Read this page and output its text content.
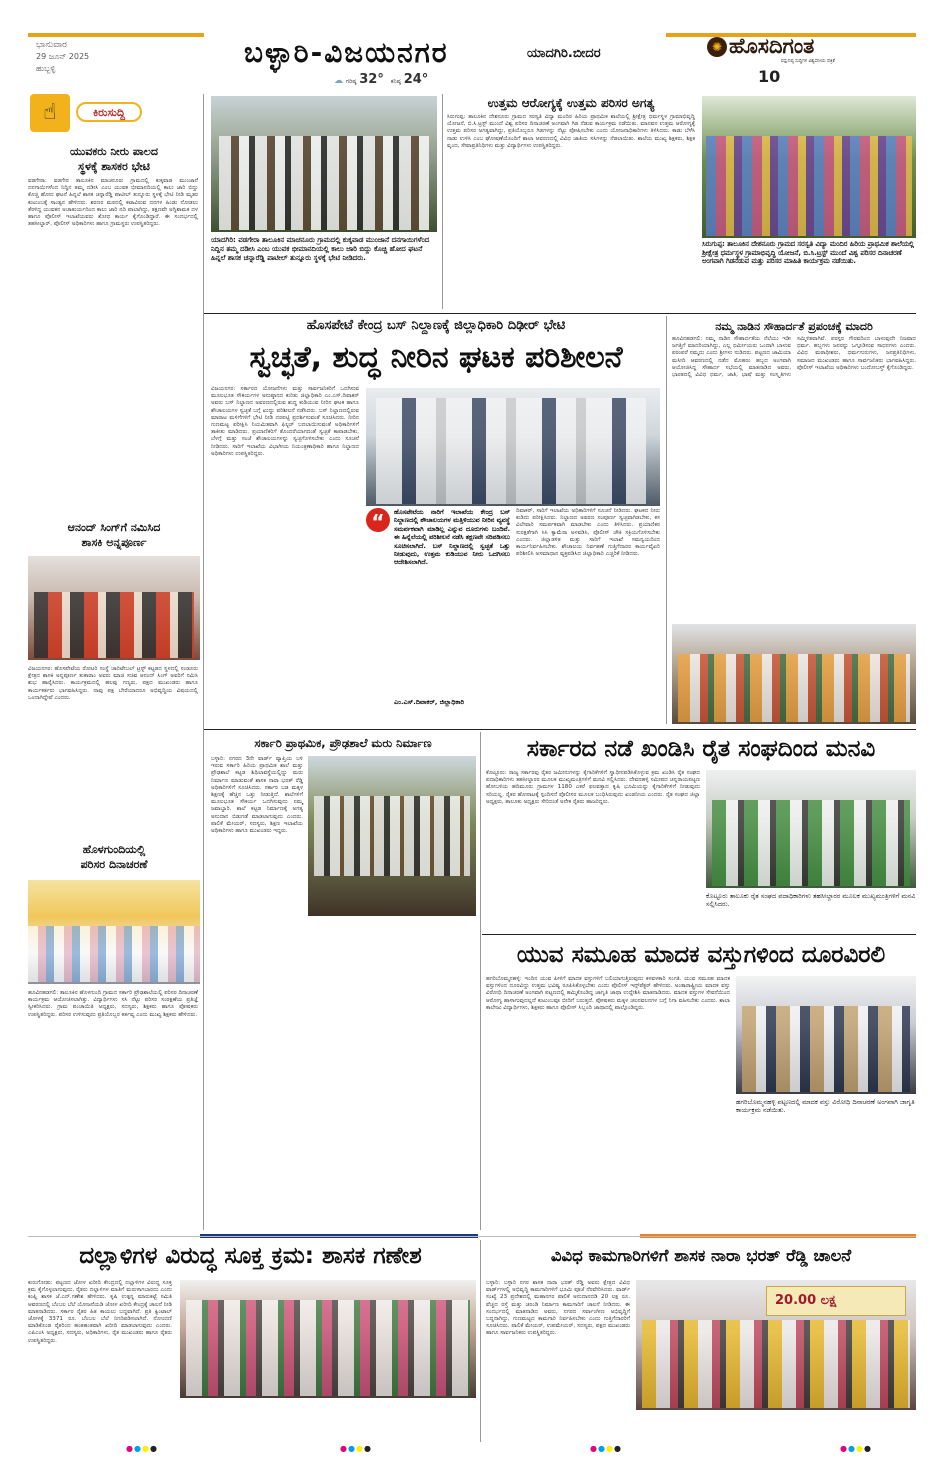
ಭಾನುವಾರ
29 ಜೂನ್ 2025
ಹುಬ್ಬಳ್ಳಿ	ಬಳ್ಳಾರಿ-ವಿಜಯನಗರ	ಯಾದಗಿರಿ.ಬೀದರ
☁ ಗರಿಷ್ಠ 32° ಕನಿಷ್ಠ 24°
✺ ಹೊಸದಿಗಂತ
ವಸ್ತುನಿಷ್ಠ ಸುದ್ದಿಗಳ ವಿಶ್ವಸನೀಯ ಪತ್ರಿಕೆ
10
☝	ಕಿರುಸುದ್ದಿ
ಯುವಕರು ನೀರು ಪಾಲದ
ಸ್ಥಳಕ್ಕೆ ಶಾಸಕರ ಭೇಟಿ
ವಡಗೇರಾ: ವಡಗೇರ ತಾಲೂಕಿನ ಮಾಚನೂರು ಗ್ರಾಮದಲ್ಲಿ ಕುಕ್ಕವಾಡ ಮುಂಜಾನೆ ದನಗಾಯಿಗಳೆಂದ ನಿದ್ದಿನ ತಮ್ಮ ದಡೀಸಿ ಎಂಬ ಯುವಕ ಭೀಮಾನದಿಯಲ್ಲಿ ಕಾಲು ಜಾರಿ ಬಿದ್ದು ಕೊಚ್ಚಿ ಹೋದ ಘಟನೆ ಹಿನ್ನಲೆ ಶಾಸಕ ಚನ್ನಾರೆಡ್ಡಿ ಪಾಟೀಲ್ ತುನ್ನೂರು ಸ್ಥಳಕ್ಕೆ ಭೇಟಿ ನೀಡಿ ಮೃತರ ಕುಟುಂಬಕ್ಕೆ ಸಾಂತ್ವನ ಹೇಳಿದರು. ಶರಣರ ಮಠದಲ್ಲಿ ಕಟಾವಿರುವ ದನಗಳ ಹಿಂಡು ನೋಡಲು ತೆರಳಿದ್ದ ಯುವಕನ ಅಚಾತುರ್ಯದಿಂದ ಕಾಲು ಜಾರಿ ನದಿ ಪಾಲಾಗಿದ್ದು, ತಕ್ಷಣವೇ ಅಗ್ನಿಶಾಮಕ ದಳ ಹಾಗೂ ಪೊಲೀಸ್ ಇಲಾಖೆಯವರು ಶೋಧ ಕಾರ್ಯ ಕೈಗೊಂಡಿದ್ದಾರೆ. ಈ ಸಂದರ್ಭದಲ್ಲಿ ತಹಸೀಲ್ದಾರ್, ಪೊಲೀಸ್ ಅಧಿಕಾರಿಗಳು ಹಾಗೂ ಗ್ರಾಮಸ್ಥರು ಉಪಸ್ಥಿತರಿದ್ದರು.
ಆನಂದ್ ಸಿಂಗ್‌ಗೆ ನಮಿಸಿದ
ಶಾಸಕಿ ಅನ್ನಪೂರ್ಣ
ವಿಜಯನಗರ: ಹೊಸಪೇಟೆಯ ರೋಟರಿ ಸಂಸ್ಥೆ ಚಾರಿಟೇಬಲ್ ಟ್ರಸ್ಟ್ ಕಟ್ಟಡದ ಸ್ಥಳದಲ್ಲಿ ಸಂಡೂರು ಕ್ಷೇತ್ರದ ಶಾಸಕಿ ಅನ್ನಪೂರ್ಣ ತುಕಾರಾಂ ಅವರು ಮಾಜಿ ಸಚಿವ ಆನಂದ್ ಸಿಂಗ್ ಅವರಿಗೆ ನಮಿಸಿ ಶುಭ ಹಾರೈಸಿದರು. ಕಾರ್ಯಕ್ರಮದಲ್ಲಿ ಹಲವು ಗಣ್ಯರು, ಪಕ್ಷದ ಮುಖಂಡರು ಹಾಗೂ ಕಾರ್ಯಕರ್ತರು ಭಾಗವಹಿಸಿದ್ದರು. ನಾವು ಪಕ್ಷ ಬೇರೆಯಾದರೂ ಅಭಿವೃದ್ಧಿಯ ವಿಷಯದಲ್ಲಿ ಒಂದಾಗಿದ್ದೇವೆ ಎಂದರು.
ಹೊಳಗುಂದಿಯಲ್ಲಿ
ಪರಿಸರ ದಿನಾಚರಣೆ
ಹೂವಿನಹಡಗಲಿ: ತಾಲೂಕಿನ ಹೊಳಗುಂದಿ ಗ್ರಾಮದ ಸರ್ಕಾರಿ ಪ್ರೌಢಶಾಲೆಯಲ್ಲಿ ಪರಿಸರ ದಿನಾಚರಣೆ ಕಾರ್ಯಕ್ರಮ ಆಯೋಜಿಸಲಾಗಿತ್ತು. ವಿದ್ಯಾರ್ಥಿಗಳು ಸಸಿ ನೆಟ್ಟು ಪರಿಸರ ಸಂರಕ್ಷಣೆಯ ಪ್ರತಿಜ್ಞೆ ಸ್ವೀಕರಿಸಿದರು. ಗ್ರಾಮ ಪಂಚಾಯಿತಿ ಅಧ್ಯಕ್ಷರು, ಸದಸ್ಯರು, ಶಿಕ್ಷಕರು ಹಾಗೂ ಪೋಷಕರು ಉಪಸ್ಥಿತರಿದ್ದರು. ಪರಿಸರ ಉಳಿಸುವುದು ಪ್ರತಿಯೊಬ್ಬರ ಕರ್ತವ್ಯ ಎಂದು ಮುಖ್ಯ ಶಿಕ್ಷಕರು ಹೇಳಿದರು.
ಯಾದಗಿರಿ: ವಡಗೇರಾ ತಾಲೂಕಿನ ಮಾಚನೂರು ಗ್ರಾಮದಲ್ಲಿ ಕುಕ್ಕವಾಡ ಮುಂಜಾನೆ ದನಗಾಯಿಗಳೆಂದ ನಿದ್ದಿನ ತಮ್ಮ ದಡೀಸಿ ಎಂಬ ಯುವಕ ಭೀಮಾನದಿಯಲ್ಲಿ ಕಾಲು ಜಾರಿ ಬಿದ್ದು ಕೊಚ್ಚಿ ಹೋದ ಘಟನೆ ಹಿನ್ನಲೆ ಶಾಸಕ ಚನ್ನಾರೆಡ್ಡಿ ಪಾಟೀಲ್ ತುನ್ನೂರು ಸ್ಥಳಕ್ಕೆ ಭೇಟಿ ನೀಡಿದರು.
ಉತ್ತಮ ಆರೋಗ್ಯಕ್ಕೆ ಉತ್ತಮ ಪರಿಸರ ಅಗತ್ಯ
ಸಿರುಗುಪ್ಪ: ತಾಲೂಕಿನ ದೇಶನೂರು ಗ್ರಾಮದ ಸರಸ್ವತಿ ವಿದ್ಯಾ ಮಂದಿರ ಹಿರಿಯ ಪ್ರಾಥಮಿಕ ಶಾಲೆಯಲ್ಲಿ ಶ್ರೀಕ್ಷೇತ್ರ ಧರ್ಮಸ್ಥಳ ಗ್ರಾಮಾಭಿವೃದ್ಧಿ ಯೋಜನೆ, ಬಿ.ಸಿ.ಟ್ರಸ್ಟ್ ಮುಂದೆ ವಿಶ್ವ ಪರಿಸರ ದಿನಾಚರಣೆ ಅಂಗವಾಗಿ ಗಿಡ ನೆಡುವ ಕಾರ್ಯಕ್ರಮ ನಡೆಯಿತು. ಮಾನವನ ಉತ್ತಮ ಆರೋಗ್ಯಕ್ಕೆ ಉತ್ತಮ ಪರಿಸರ ಅಗತ್ಯವಾಗಿದ್ದು, ಪ್ರತಿಯೊಬ್ಬರೂ ಗಿಡಗಳನ್ನು ನೆಟ್ಟು ಪೋಷಿಸಬೇಕು ಎಂದು ಯೋಜನಾಧಿಕಾರಿಗಳು ತಿಳಿಸಿದರು. ಕಾಡು ಬೆಳೆಸಿ ನಾಡು ಉಳಿಸಿ ಎಂಬ ಘೋಷಣೆಯೊಂದಿಗೆ ಶಾಲಾ ಆವರಣದಲ್ಲಿ ವಿವಿಧ ಜಾತಿಯ ಸಸಿಗಳನ್ನು ನೆಡಲಾಯಿತು. ಶಾಲೆಯ ಮುಖ್ಯ ಶಿಕ್ಷಕರು, ಶಿಕ್ಷಕ ವೃಂದ, ಸೇವಾಪ್ರತಿನಿಧಿಗಳು ಮತ್ತು ವಿದ್ಯಾರ್ಥಿಗಳು ಉಪಸ್ಥಿತರಿದ್ದರು.
ಸಿರುಗುಪ್ಪ: ತಾಲೂಕಿನ ದೇಶನೂರು ಗ್ರಾಮದ ಸರಸ್ವತಿ ವಿದ್ಯಾ ಮಂದಿರ ಹಿರಿಯ ಪ್ರಾಥಮಿಕ ಶಾಲೆಯಲ್ಲಿ ಶ್ರೀಕ್ಷೇತ್ರ ಧರ್ಮಸ್ಥಳ ಗ್ರಾಮಾಭಿವೃದ್ಧಿ ಯೋಜನೆ, ಬಿ.ಸಿ.ಟ್ರಸ್ಟ್ ಮುಂದೆ ವಿಶ್ವ ಪರಿಸರ ದಿನಾಚರಣೆ ಅಂಗವಾಗಿ ಗಿಡನೆಡುವ ಮತ್ತು ಪರಿಸರ ಮಾಹಿತಿ ಕಾರ್ಯಕ್ರಮ ನಡೆಯಿತು.
ಹೊಸಪೇಟೆ ಕೇಂದ್ರ ಬಸ್ ನಿಲ್ದಾಣಕ್ಕೆ ಜಿಲ್ಲಾಧಿಕಾರಿ ದಿಢೀರ್ ಭೇಟಿ
ಸ್ವಚ್ಛತೆ, ಶುದ್ಧ ನೀರಿನ ಘಟಕ ಪರಿಶೀಲನೆ
ವಿಜಯನಗರ: ಸರ್ಕಾರದ ಯೋಜನೆಗಳು ಮತ್ತು ಸಾರ್ವಜನಿಕರಿಗೆ ಒದಗಿಸುವ ಮೂಲಭೂತ ಸೌಕರ್ಯಗಳ ಅನುಷ್ಠಾನದ ಕುರಿತು ಜಿಲ್ಲಾಧಿಕಾರಿ ಎಂ.ಎಸ್.ದಿವಾಕರ್ ಅವರು ಬಸ್ ನಿಲ್ದಾಣದ ಅವರಣದಲ್ಲಿರುವ ಶುದ್ಧ ಕುಡಿಯುವ ನೀರಿನ ಘಟಕ ಹಾಗೂ ಶೌಚಾಲಯಗಳ ಸ್ವಚ್ಛತೆ ಬಗ್ಗೆ ಖುದ್ದು ಪರಿಶೀಲನೆ ನಡೆಸಿದರು. ಬಸ್ ನಿಲ್ದಾಣದಲ್ಲಿರುವ ಮಾರಾಟ ಮಳಿಗೆಗಳಿಗೆ ಭೇಟಿ ನೀಡಿ ದರಪಟ್ಟಿ ಪ್ರದರ್ಶಿಸುವಂತೆ ಸೂಚಿಸಿದರು. ನೀರಿನ ಗುಣಮಟ್ಟ ಪರೀಕ್ಷಿಸಿ ನಿಯಮಿತವಾಗಿ ಫಿಲ್ಟರ್ ಬದಲಾಯಿಸುವಂತೆ ಅಧಿಕಾರಿಗಳಿಗೆ ತಾಕೀತು ಮಾಡಿದರು. ಪ್ರಯಾಣಿಕರಿಗೆ ತೊಂದರೆಯಾಗದಂತೆ ಸ್ವಚ್ಛತೆ ಕಾಪಾಡಬೇಕು, ಬೆಳಗ್ಗೆ ಮತ್ತು ಸಂಜೆ ಶೌಚಾಲಯಗಳನ್ನು ಸ್ವಚ್ಛಗೊಳಿಸಬೇಕು ಎಂದು ಸೂಚನೆ ನೀಡಿದರು. ಸಾರಿಗೆ ಇಲಾಖೆಯ ವಿಭಾಗೀಯ ನಿಯಂತ್ರಣಾಧಿಕಾರಿ ಹಾಗೂ ನಿಲ್ದಾಣದ ಅಧಿಕಾರಿಗಳು ಉಪಸ್ಥಿತರಿದ್ದರು.
“	ಹೊಸಪೇಟೆಯ ನಾರಿಗೆ ಇಲಾಖೆಯ ಕೇಂದ್ರ ಬಸ್ ನಿಲ್ದಾಣದಲ್ಲಿ ಶೌಚಾಲಯಗಳ ಮತ್ತಿಳಿಯುವ ನೀರಿನ ವ್ಯವಸ್ಥೆ ಸಮರ್ಪಕವಾಗಿ ಮಾಡಿಲ್ಲ ಎನ್ನುವ ದೂರುಗಳು ಬಂದಿವೆ. ಈ ಹಿನ್ನೆಲೆಯಲ್ಲಿ ಪರಿಶೀಲನೆ ನಡೆಸಿ ತಕ್ಷಣವೇ ಸರಿಪಡಿಸಲು ಸೂಚಿಸಲಾಗಿದೆ. ಬಸ್ ನಿಲ್ದಾಣದಲ್ಲಿ ಸ್ವಚ್ಛತೆ ಒತ್ತು ನೀಡುವುದು, ಉತ್ತಮ ಕುಡಿಯುವ ನೀರು ಒದಗಿಸಲು ಆದೇಶಿಸಲಾಗಿದೆ.
ಎಂ.ಎಸ್.ದಿವಾಕರ್, ಜಿಲ್ಲಾಧಿಕಾರಿ
ದಿವಾಕರ್, ಸಾರಿಗೆ ಇಲಾಖೆಯ ಅಧಿಕಾರಿಗಳಿಗೆ ಸೂಚನೆ ನೀಡಿದರು. ಘಟಕದ ನೀರು ಕುಡಿದು ಪರೀಕ್ಷಿಸಿದರು. ನಿಲ್ದಾಣದ ಅವರಣ ಸಂಪೂರ್ಣ ಸ್ವಚ್ಛವಾಗಿಡಬೇಕು, ಕಸ ವಿಲೇವಾರಿ ಸಮರ್ಪಕವಾಗಿ ಮಾಡಬೇಕು ಎಂದು ತಿಳಿಸಿದರು. ಪ್ರಯಾಣಿಕರ ಸುರಕ್ಷತೆಗಾಗಿ ಸಿಸಿ ಕ್ಯಾಮೆರಾ ಅಳವಡಿಸಿ, ಪೊಲೀಸ್ ಚೌಕಿ ಸಕ್ರಿಯಗೊಳಿಸಬೇಕು ಎಂದರು. ಜಿಲ್ಲಾಡಳಿತ ಮತ್ತು ಸಾರಿಗೆ ಇಲಾಖೆ ಸಮನ್ವಯದಿಂದ ಕಾರ್ಯನಿರ್ವಹಿಸಬೇಕು. ಶೌಚಾಲಯ ನಿರ್ವಹಣೆ ಗುತ್ತಿಗೆದಾರರ ಕಾರ್ಯವೈಖರಿ ಪರಿಶೀಲಿಸಿ ಅಸಮಾಧಾನ ವ್ಯಕ್ತಪಡಿಸಿದ ಜಿಲ್ಲಾಧಿಕಾರಿ ಎಚ್ಚರಿಕೆ ನೀಡಿದರು.
ನಮ್ಮ ನಾಡಿನ ಸೌಹಾರ್ದತೆ ಪ್ರಪಂಚಕ್ಕೆ ಮಾದರಿ
ಹೂವಿನಹಡಗಲಿ: ನಮ್ಮ ನಾಡಿನ ಸೌಹಾರ್ದತೆಯ ನೆಲೆಯು ಇಡೀ ಜಗತ್ತಿಗೆ ಮಾದರಿಯಾಗಿದ್ದು, ಎಲ್ಲ ಧರ್ಮೀಯರು ಒಂದಾಗಿ ಬಾಳುವ ಪರಂಪರೆ ನಮ್ಮದು ಎಂದು ಶ್ರೀಗಳು ನುಡಿದರು. ಪಟ್ಟಣದ ಜಾಮಿಯಾ ಮಸೀದಿ ಆವರಣದಲ್ಲಿ ನಡೆದ ಮೊಹರಂ ಹಬ್ಬದ ಅಂಗವಾಗಿ ಆಯೋಜಿಸಿದ್ದ ಸೌಹಾರ್ದ ಸಭೆಯಲ್ಲಿ ಮಾತನಾಡಿದ ಅವರು, ಭಾರತದಲ್ಲಿ ವಿವಿಧ ಧರ್ಮ, ಜಾತಿ, ಭಾಷೆ ಮತ್ತು ಸಂಸ್ಕೃತಿಗಳು ಸಮ್ಮಿಳಿತವಾಗಿವೆ. ಪರಸ್ಪರ ಗೌರವದಿಂದ ಬಾಳುವುದೇ ನಿಜವಾದ ಧರ್ಮ. ಹಬ್ಬಗಳು ಜನರನ್ನು ಒಗ್ಗೂಡಿಸುವ ಸಾಧನಗಳು ಎಂದರು. ವಿವಿಧ ಮಠಾಧೀಶರು, ಧರ್ಮಗುರುಗಳು, ಜನಪ್ರತಿನಿಧಿಗಳು, ಸಮಾಜದ ಮುಖಂಡರು ಹಾಗೂ ಸಾರ್ವಜನಿಕರು ಭಾಗವಹಿಸಿದ್ದರು. ಪೊಲೀಸ್ ಇಲಾಖೆಯ ಅಧಿಕಾರಿಗಳು ಬಂದೋಬಸ್ತ್ ಕೈಗೊಂಡಿದ್ದರು.
ಸರ್ಕಾರಿ ಪ್ರಾಥಮಿಕ, ಪ್ರೌಢಶಾಲೆ ಮರು ನಿರ್ಮಾಣ
ಬಳ್ಳಾರಿ: ನಗರದ 3ನೇ ವಾರ್ಡ್ ವ್ಯಾಪ್ತಿಯ ಬಳಿ ಇರುವ ಸರ್ಕಾರಿ ಹಿರಿಯ ಪ್ರಾಥಮಿಕ ಶಾಲೆ ಮತ್ತು ಪ್ರೌಢಶಾಲೆ ಕಟ್ಟಡ ಶಿಥಿಲಾವಸ್ಥೆಯಲ್ಲಿದ್ದು ಮರು ನಿರ್ಮಾಣ ಮಾಡುವಂತೆ ಶಾಸಕ ನಾರಾ ಭರತ್ ರೆಡ್ಡಿ ಅಧಿಕಾರಿಗಳಿಗೆ ಸೂಚಿಸಿದರು. ಸರ್ಕಾರ ಬಡ ಮಕ್ಕಳ ಶಿಕ್ಷಣಕ್ಕೆ ಹೆಚ್ಚಿನ ಒತ್ತು ನೀಡುತ್ತಿದೆ. ಶಾಲೆಗಳಿಗೆ ಮೂಲಭೂತ ಸೌಕರ್ಯ ಒದಗಿಸುವುದು ನಮ್ಮ ಜವಾಬ್ದಾರಿ. ಶಾಲೆ ಕಟ್ಟಡ ನಿರ್ಮಾಣಕ್ಕೆ ಅಗತ್ಯ ಅನುದಾನ ಬಿಡುಗಡೆ ಮಾಡಲಾಗುವುದು ಎಂದರು. ಪಾಲಿಕೆ ಮೇಯರ್, ಸದಸ್ಯರು, ಶಿಕ್ಷಣ ಇಲಾಖೆಯ ಅಧಿಕಾರಿಗಳು ಹಾಗೂ ಮುಖಂಡರು ಇದ್ದರು.
ಸರ್ಕಾರದ ನಡೆ ಖಂಡಿಸಿ ರೈತ ಸಂಘದಿಂದ ಮನವಿ
ಕೊಟ್ಟೂರು: ರಾಜ್ಯ ಸರ್ಕಾರವು ರೈತರ ಜಮೀನುಗಳನ್ನು ಕೈಗಾರಿಕೆಗಳಿಗೆ ಸ್ವಾಧೀನಪಡಿಸಿಕೊಳ್ಳುವ ಕ್ರಮ ಖಂಡಿಸಿ ರೈತ ಸಂಘದ ಪದಾಧಿಕಾರಿಗಳು ತಹಸೀಲ್ದಾರರ ಮೂಲಕ ಮುಖ್ಯಮಂತ್ರಿಗಳಿಗೆ ಮನವಿ ಸಲ್ಲಿಸಿದರು. ದೇವನಹಳ್ಳಿ ಸಮೀಪದ ಚನ್ನರಾಯಪಟ್ಟಣ ಹೋಬಳಿಯ ಹದಿಮೂರು ಗ್ರಾಮಗಳ 1180 ಎಕರೆ ಫಲವತ್ತಾದ ಕೃಷಿ ಭೂಮಿಯನ್ನು ಕೈಗಾರಿಕೆಗಳಿಗೆ ನೀಡುವುದು ಸರಿಯಲ್ಲ. ರೈತರ ಹೋರಾಟಕ್ಕೆ ಸ್ಪಂದಿಸದೆ ಪೊಲೀಸರ ಮೂಲಕ ಬಂಧಿಸಿರುವುದು ಖಂಡನೀಯ ಎಂದರು. ರೈತ ಸಂಘದ ಜಿಲ್ಲಾ ಅಧ್ಯಕ್ಷರು, ತಾಲೂಕು ಅಧ್ಯಕ್ಷರು ಸೇರಿದಂತೆ ಅನೇಕ ರೈತರು ಹಾಜರಿದ್ದರು.
ಕೊಟ್ಟೂರು ತಾಲೂಕು ರೈತ ಸಂಘದ ಪದಾಧಿಕಾರಿಗಳು ತಹಸೀಲ್ದಾರರ ಮೂಲಕ ಮುಖ್ಯಮಂತ್ರಿಗಳಿಗೆ ಮನವಿ ಸಲ್ಲಿಸಿದರು.
ಯುವ ಸಮೂಹ ಮಾದಕ ವಸ್ತುಗಳಿಂದ ದೂರವಿರಲಿ
ಹಗರಿಬೊಮ್ಮನಹಳ್ಳಿ: ಇಂದಿನ ಯುವ ಪೀಳಿಗೆ ಮಾದಕ ವಸ್ತುಗಳಿಗೆ ಬಲಿಯಾಗುತ್ತಿರುವುದು ಕಳವಳಕಾರಿ ಸಂಗತಿ. ಯುವ ಸಮೂಹ ಮಾದಕ ವಸ್ತುಗಳಿಂದ ದೂರವಿದ್ದು ಉತ್ತಮ ಭವಿಷ್ಯ ರೂಪಿಸಿಕೊಳ್ಳಬೇಕು ಎಂದು ಪೊಲೀಸ್ ಇನ್ಸ್‌ಪೆಕ್ಟರ್ ಹೇಳಿದರು. ಅಂತಾರಾಷ್ಟ್ರೀಯ ಮಾದಕ ವಸ್ತು ವಿರೋಧಿ ದಿನಾಚರಣೆ ಅಂಗವಾಗಿ ಪಟ್ಟಣದಲ್ಲಿ ಹಮ್ಮಿಕೊಂಡಿದ್ದ ಜಾಗೃತಿ ಜಾಥಾ ಉದ್ದೇಶಿಸಿ ಮಾತನಾಡಿದರು. ಮಾದಕ ವಸ್ತುಗಳ ಸೇವನೆಯಿಂದ ಆರೋಗ್ಯ ಹಾಳಾಗುವುದಲ್ಲದೆ ಕುಟುಂಬವೂ ಬೀದಿಗೆ ಬರುತ್ತದೆ. ಪೋಷಕರು ಮಕ್ಕಳ ಚಲನವಲನಗಳ ಬಗ್ಗೆ ನಿಗಾ ವಹಿಸಬೇಕು ಎಂದರು. ಶಾಲಾ ಕಾಲೇಜು ವಿದ್ಯಾರ್ಥಿಗಳು, ಶಿಕ್ಷಕರು ಹಾಗೂ ಪೊಲೀಸ್ ಸಿಬ್ಬಂದಿ ಜಾಥಾದಲ್ಲಿ ಪಾಲ್ಗೊಂಡಿದ್ದರು.
ಹಗರಿಬೊಮ್ಮನಹಳ್ಳಿ ಪಟ್ಟಣದಲ್ಲಿ ಮಾದಕ ವಸ್ತು ವಿರೋಧಿ ದಿನಾಚರಣೆ ಅಂಗವಾಗಿ ಜಾಗೃತಿ ಕಾರ್ಯಕ್ರಮ ನಡೆಯಿತು.
ದಲ್ಲಾಳಿಗಳ ವಿರುದ್ಧ ಸೂಕ್ತ ಕ್ರಮ: ಶಾಸಕ ಗಣೇಶ
ಕುರುಗೋಡು: ಪಟ್ಟಣದ ಜೋಳ ಖರೀದಿ ಕೇಂದ್ರದಲ್ಲಿ ದಲ್ಲಾಳಿಗಳ ವಿರುದ್ಧ ಸೂಕ್ತ ಕ್ರಮ ಕೈಗೊಳ್ಳಲಾಗುವುದು, ರೈತರು ದಲ್ಲಾಳಿಗಳ ಮಾತಿಗೆ ಮರುಳಾಗಬಾರದು ಎಂದು ಕಂಪ್ಲಿ ಶಾಸಕ ಜೆ.ಎನ್.ಗಣೇಶ ಹೇಳಿದರು. ಕೃಷಿ ಉತ್ಪನ್ನ ಮಾರುಕಟ್ಟೆ ಸಮಿತಿ ಆವರಣದಲ್ಲಿ ಬೆಂಬಲ ಬೆಲೆ ಯೋಜನೆಯಡಿ ಜೋಳ ಖರೀದಿ ಕೇಂದ್ರಕ್ಕೆ ಚಾಲನೆ ನೀಡಿ ಮಾತನಾಡಿದರು. ಸರ್ಕಾರ ರೈತರ ಹಿತ ಕಾಯಲು ಬದ್ಧವಾಗಿದೆ. ಪ್ರತಿ ಕ್ವಿಂಟಾಲ್ ಜೋಳಕ್ಕೆ 3371 ರೂ. ಬೆಂಬಲ ಬೆಲೆ ನಿಗದಿಪಡಿಸಲಾಗಿದೆ. ನೋಂದಣಿ ಮಾಡಿಕೊಂಡ ರೈತರಿಂದ ಹಂತಹಂತವಾಗಿ ಖರೀದಿ ಮಾಡಲಾಗುವುದು ಎಂದರು. ಎಪಿಎಂಸಿ ಅಧ್ಯಕ್ಷರು, ಸದಸ್ಯರು, ಅಧಿಕಾರಿಗಳು, ರೈತ ಮುಖಂಡರು ಹಾಗೂ ರೈತರು ಉಪಸ್ಥಿತರಿದ್ದರು.
ವಿವಿಧ ಕಾಮಗಾರಿಗಳಿಗೆ ಶಾಸಕ ನಾರಾ ಭರತ್ ರೆಡ್ಡಿ ಚಾಲನೆ
ಬಳ್ಳಾರಿ: ಬಳ್ಳಾರಿ ನಗರ ಶಾಸಕ ನಾರಾ ಭರತ್ ರೆಡ್ಡಿ ಅವರು ಕ್ಷೇತ್ರದ ವಿವಿಧ ವಾರ್ಡ್‌ಗಳಲ್ಲಿ ಅಭಿವೃದ್ಧಿ ಕಾಮಗಾರಿಗಳಿಗೆ ಭೂಮಿ ಪೂಜೆ ನೆರವೇರಿಸಿದರು. ವಾರ್ಡ್ ಸಂಖ್ಯೆ 23 ಪ್ರದೇಶದಲ್ಲಿ ಮಹಾನಗರ ಪಾಲಿಕೆ ಅನುದಾನದಡಿ 20 ಲಕ್ಷ ರೂ. ವೆಚ್ಚದ ರಸ್ತೆ ಮತ್ತು ಚರಂಡಿ ನಿರ್ಮಾಣ ಕಾಮಗಾರಿಗೆ ಚಾಲನೆ ನೀಡಿದರು. ಈ ಸಂದರ್ಭದಲ್ಲಿ ಮಾತನಾಡಿದ ಅವರು, ನಗರದ ಸರ್ವಾಂಗೀಣ ಅಭಿವೃದ್ಧಿಗೆ ಬದ್ಧನಾಗಿದ್ದು, ಗುಣಮಟ್ಟದ ಕಾಮಗಾರಿ ನಿರ್ವಹಿಸಬೇಕು ಎಂದು ಗುತ್ತಿಗೆದಾರರಿಗೆ ಸೂಚಿಸಿದರು. ಪಾಲಿಕೆ ಮೇಯರ್, ಉಪಮೇಯರ್, ಸದಸ್ಯರು, ಪಕ್ಷದ ಮುಖಂಡರು ಹಾಗೂ ಸಾರ್ವಜನಿಕರು ಉಪಸ್ಥಿತರಿದ್ದರು.
20.00 ಲಕ್ಷ
●●●●	●●●●	●●●●	●●●●
